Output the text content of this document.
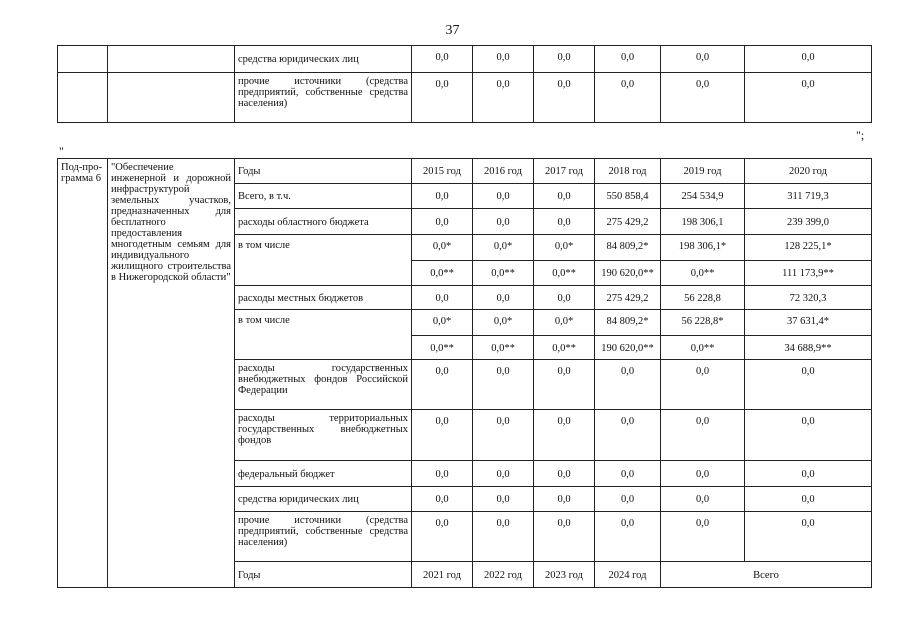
37
		средства юридических лиц	0,0	0,0	0,0	0,0	0,0	0,0
		прочие источники (средства предприятий, собственные средства населения)	0,0	0,0	0,0	0,0	0,0	0,0
";
"
Под-про-грамма 6	"Обеспечение инженерной и дорожной инфраструктурой земельных участков, предназначенных для бесплатного предоставления многодетным семьям для индивидуального жилищного строительства в Нижегородской области"	Годы	2015 год	2016 год	2017 год	2018 год	2019 год	2020 год
		Всего, в т.ч.	0,0	0,0	0,0	550 858,4	254 534,9	311 719,3
		расходы областного бюджета	0,0	0,0	0,0	275 429,2	198 306,1	239 399,0
		в том числе	0,0*	0,0*	0,0*	84 809,2*	198 306,1*	128 225,1*
			0,0**	0,0**	0,0**	190 620,0**	0,0**	111 173,9**
		расходы местных бюджетов	0,0	0,0	0,0	275 429,2	56 228,8	72 320,3
		в том числе	0,0*	0,0*	0,0*	84 809,2*	56 228,8*	37 631,4*
			0,0**	0,0**	0,0**	190 620,0**	0,0**	34 688,9**
		расходы государственных внебюджетных фондов Российской Федерации	0,0	0,0	0,0	0,0	0,0	0,0
		расходы территориальных государственных внебюджетных фондов	0,0	0,0	0,0	0,0	0,0	0,0
		федеральный бюджет	0,0	0,0	0,0	0,0	0,0	0,0
		средства юридических лиц	0,0	0,0	0,0	0,0	0,0	0,0
		прочие источники (средства предприятий, собственные средства населения)	0,0	0,0	0,0	0,0	0,0	0,0
		Годы	2021 год	2022 год	2023 год	2024 год	Всего	
